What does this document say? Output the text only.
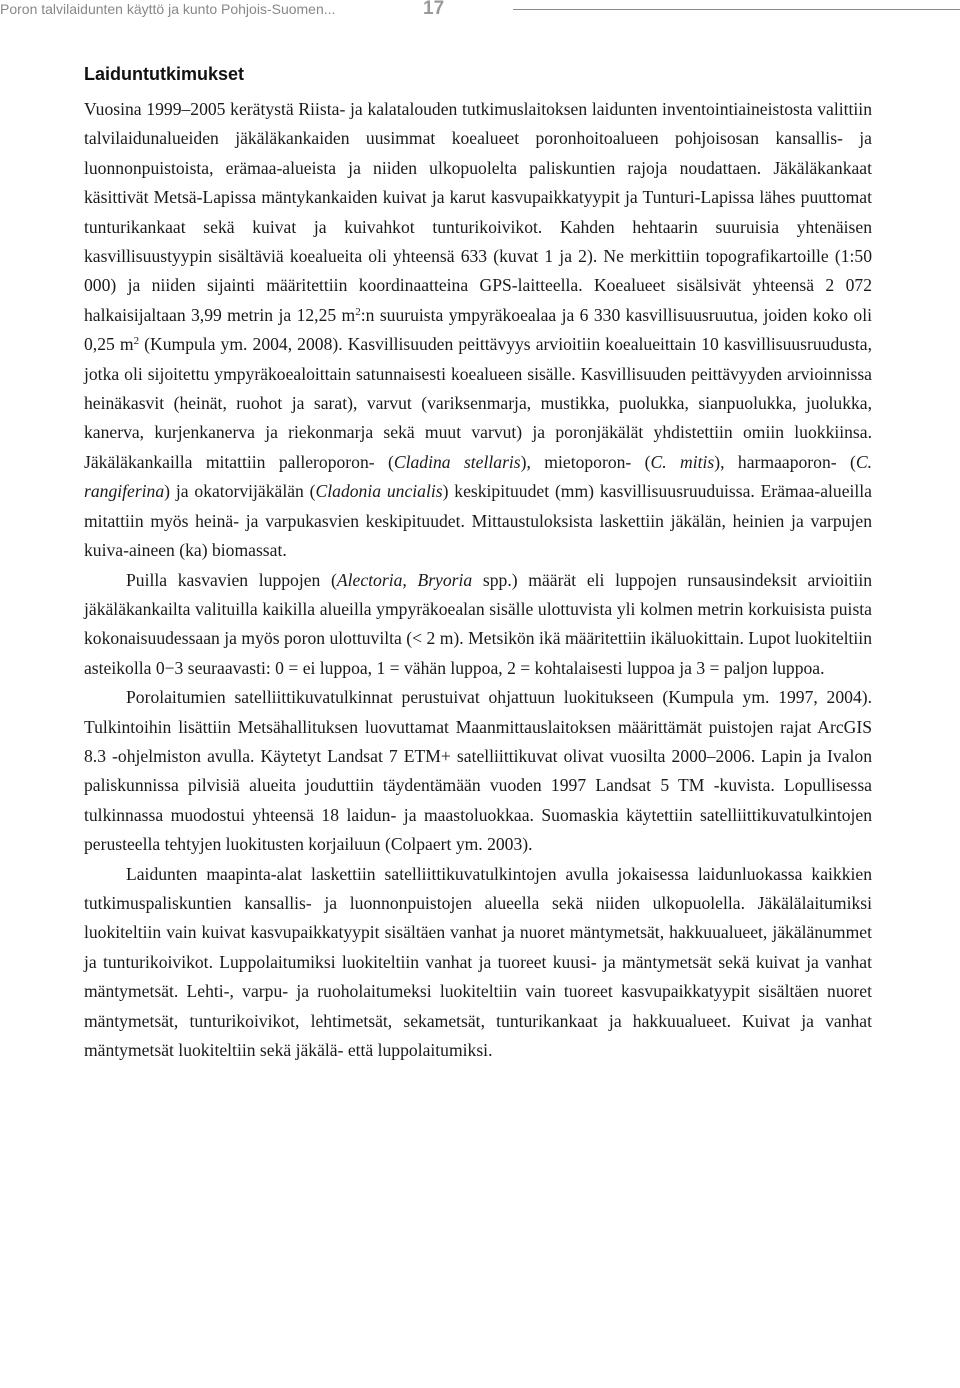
Poron talvilaidunten käyttö ja kunto Pohjois-Suomen...	17
Laiduntutkimukset

Vuosina 1999–2005 kerätystä Riista- ja kalatalouden tutkimuslaitoksen laidunten inventointiaineistosta valittiin talvilaidunalueiden jäkäläkankaiden uusimmat koealueet poronhoitoalueen pohjoisosan kansallis- ja luonnonpuistoista, erämaa-alueista ja niiden ulkopuolelta paliskuntien rajoja noudattaen. Jäkäläkankaat käsittivät Metsä-Lapissa mäntykankaiden kuivat ja karut kasvupaikkatyypit ja Tunturi-Lapissa lähes puuttomat tunturikankaat sekä kuivat ja kuivahkot tunturikoivikot. Kahden hehtaarin suuruisia yhtenäisen kasvillisuustyypin sisältäviä koealueita oli yhteensä 633 (kuvat 1 ja 2). Ne merkittiin topografikartoille (1:50 000) ja niiden sijainti määritettiin koordinaatteina GPS-laitteella. Koealueet sisälsivät yhteensä 2 072 halkaisijaltaan 3,99 metrin ja 12,25 $m^2:n$ suuruista ympyräkoealaa ja 6 330 kasvillisuusruutua, joiden koko oli 0,25 $m^2$ (Kumpula ym. 2004, 2008). Kasvillisuuden peittävyys arvioitiin koealueittain 10 kasvillisuusruudusta, jotka oli sijoitettu ympyräkoealoittain satunnaisesti koealueen sisälle. Kasvillisuuden peittävyyden arvioinnissa heinäkasvit (heinät, ruohot ja sarat), varvut (variksenmarja, mustikka, puolukka, sianpuolukka, juolukka, kanerva, kurjenkanerva ja riekonmarja sekä muut varvut) ja poronjäkälät yhdistettiin omiin luokkiinsa. Jäkäläkankailla mitattiin palleroporon- (Cladina stellaris), mietoporon- (C. mitis), harmaaporon- (C. rangiferina) ja okatorvijäkälän (Cladonia uncialis) keskipituudet (mm) kasvillisuusruuduissa. Erämaa-alueilla mitattiin myös heinä- ja varpukasvien keskipituudet. Mittaustuloksista laskettiin jäkälän, heinien ja varpujen kuiva-aineen (ka) biomassat.

Puilla kasvavien luppojen (Alectoria, Bryoria spp.) määrät eli luppojen runsausindeksit arvioitiin jäkäläkankailta valituilla kaikilla alueilla ympyräkoealan sisälle ulottuvista yli kolmen metrin korkuisista puista kokonaisuudessaan ja myös poron ulottuvilta (< 2 m). Metsikön ikä määritettiin ikäluokittain. Lupot luokiteltiin asteikolla 0−3 seuraavasti: 0 = ei luppoa, 1 = vähän luppoa, 2 = kohtalaisesti luppoa ja 3 = paljon luppoa.

Porolaitumien satelliittikuvatulkinnat perustuivat ohjattuun luokitukseen (Kumpula ym. 1997, 2004). Tulkintoihin lisättiin Metsähallituksen luovuttamat Maanmittauslaitoksen määrittämät puistojen rajat ArcGIS 8.3 -ohjelmiston avulla. Käytetyt Landsat 7 ETM+ satelliittikuvat olivat vuosilta 2000–2006. Lapin ja Ivalon paliskunnissa pilvisiä alueita jouduttiin täydentämään vuoden 1997 Landsat 5 TM -kuvista. Lopullisessa tulkinnassa muodostui yhteensä 18 laidun- ja maastoluokkaa. Suomaskia käytettiin satelliittikuvatulkintojen perusteella tehtyjen luokitusten korjailuun (Colpaert ym. 2003).

Laidunten maapinta-alat laskettiin satelliittikuvatulkintojen avulla jokaisessa laidunluokassa kaikkien tutkimuspaliskuntien kansallis- ja luonnonpuistojen alueella sekä niiden ulkopuolella. Jäkälälaitumiksi luokiteltiin vain kuivat kasvupaikkatyypit sisältäen vanhat ja nuoret mäntymetsät, hakkuualueet, jäkälänummet ja tunturikoivikot. Luppolaitumiksi luokiteltiin vanhat ja tuoreet kuusi- ja mäntymetsät sekä kuivat ja vanhat mäntymetsät. Lehti-, varpu- ja ruoholaitumeksi luokiteltiin vain tuoreet kasvupaikkatyypit sisältäen nuoret mäntymetsät, tunturikoivikot, lehtimetsät, sekametsät, tunturikankaat ja hakkuualueet. Kuivat ja vanhat mäntymetsät luokiteltiin sekä jäkälä- että luppolaitumiksi.
